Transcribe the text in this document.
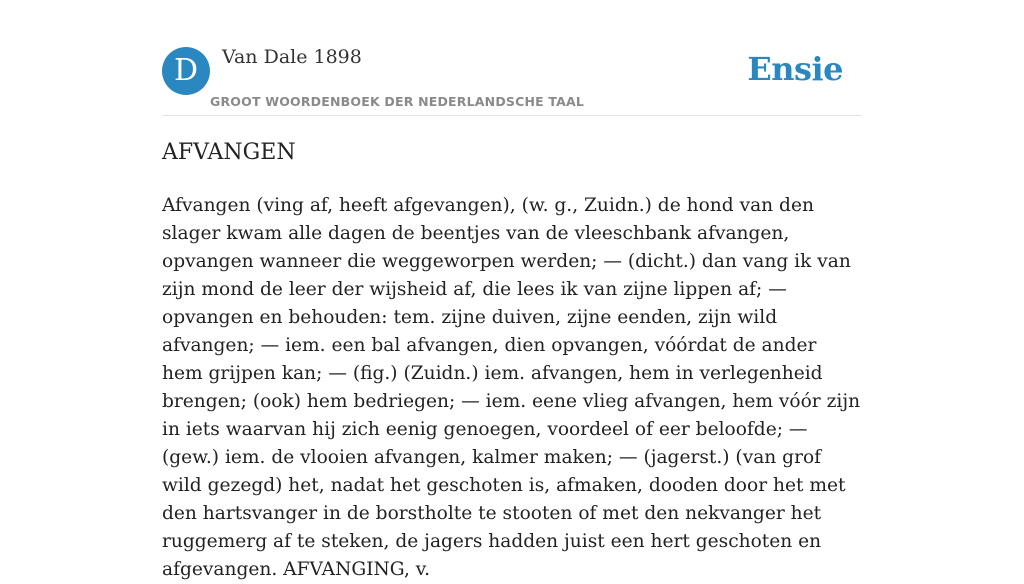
D	Van Dale 1898
GROOT WOORDENBOEK DER NEDERLANDSCHE TAAL
Ensie
AFVANGEN

Afvangen (ving af, heeft afgevangen), (w. g., Zuidn.) de hond van den slager kwam alle dagen de beentjes van de vleeschbank afvangen, opvangen wanneer die weggeworpen werden; — (dicht.) dan vang ik van zijn mond de leer der wijsheid af, die lees ik van zijne lippen af; — opvangen en behouden: tem. zijne duiven, zijne eenden, zijn wild afvangen; — iem. een bal afvangen, dien opvangen, vóórdat de ander hem grijpen kan; — (fig.) (Zuidn.) iem. afvangen, hem in verlegenheid brengen; (ook) hem bedriegen; — iem. eene vlieg afvangen, hem vóór zijn in iets waarvan hij zich eenig genoegen, voordeel of eer beloofde; — (gew.) iem. de vlooien afvangen, kalmer maken; — (jagerst.) (van grof wild gezegd) het, nadat het geschoten is, afmaken, dooden door het met den hartsvanger in de borstholte te stooten of met den nekvanger het ruggemerg af te steken, de jagers hadden juist een hert geschoten en afgevangen. AFVANGING, v.
